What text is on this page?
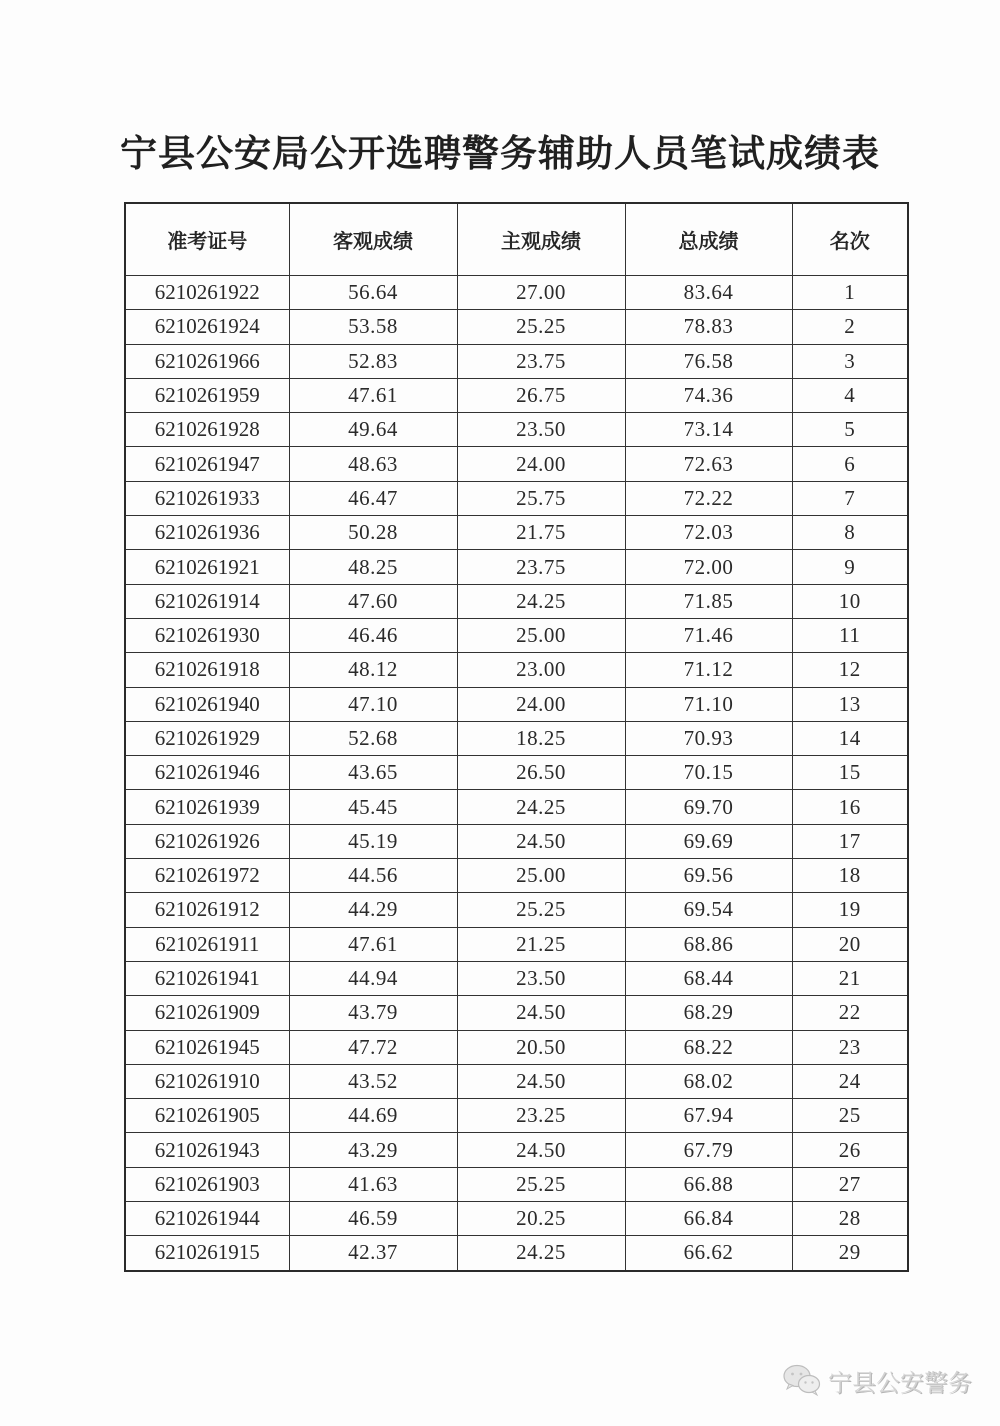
宁县公安局公开选聘警务辅助人员笔试成绩表
准考证号	客观成绩	主观成绩	总成绩	名次
6210261922	56.64	27.00	83.64	1
6210261924	53.58	25.25	78.83	2
6210261966	52.83	23.75	76.58	3
6210261959	47.61	26.75	74.36	4
6210261928	49.64	23.50	73.14	5
6210261947	48.63	24.00	72.63	6
6210261933	46.47	25.75	72.22	7
6210261936	50.28	21.75	72.03	8
6210261921	48.25	23.75	72.00	9
6210261914	47.60	24.25	71.85	10
6210261930	46.46	25.00	71.46	11
6210261918	48.12	23.00	71.12	12
6210261940	47.10	24.00	71.10	13
6210261929	52.68	18.25	70.93	14
6210261946	43.65	26.50	70.15	15
6210261939	45.45	24.25	69.70	16
6210261926	45.19	24.50	69.69	17
6210261972	44.56	25.00	69.56	18
6210261912	44.29	25.25	69.54	19
6210261911	47.61	21.25	68.86	20
6210261941	44.94	23.50	68.44	21
6210261909	43.79	24.50	68.29	22
6210261945	47.72	20.50	68.22	23
6210261910	43.52	24.50	68.02	24
6210261905	44.69	23.25	67.94	25
6210261943	43.29	24.50	67.79	26
6210261903	41.63	25.25	66.88	27
6210261944	46.59	20.25	66.84	28
6210261915	42.37	24.25	66.62	29
宁县公安警务
